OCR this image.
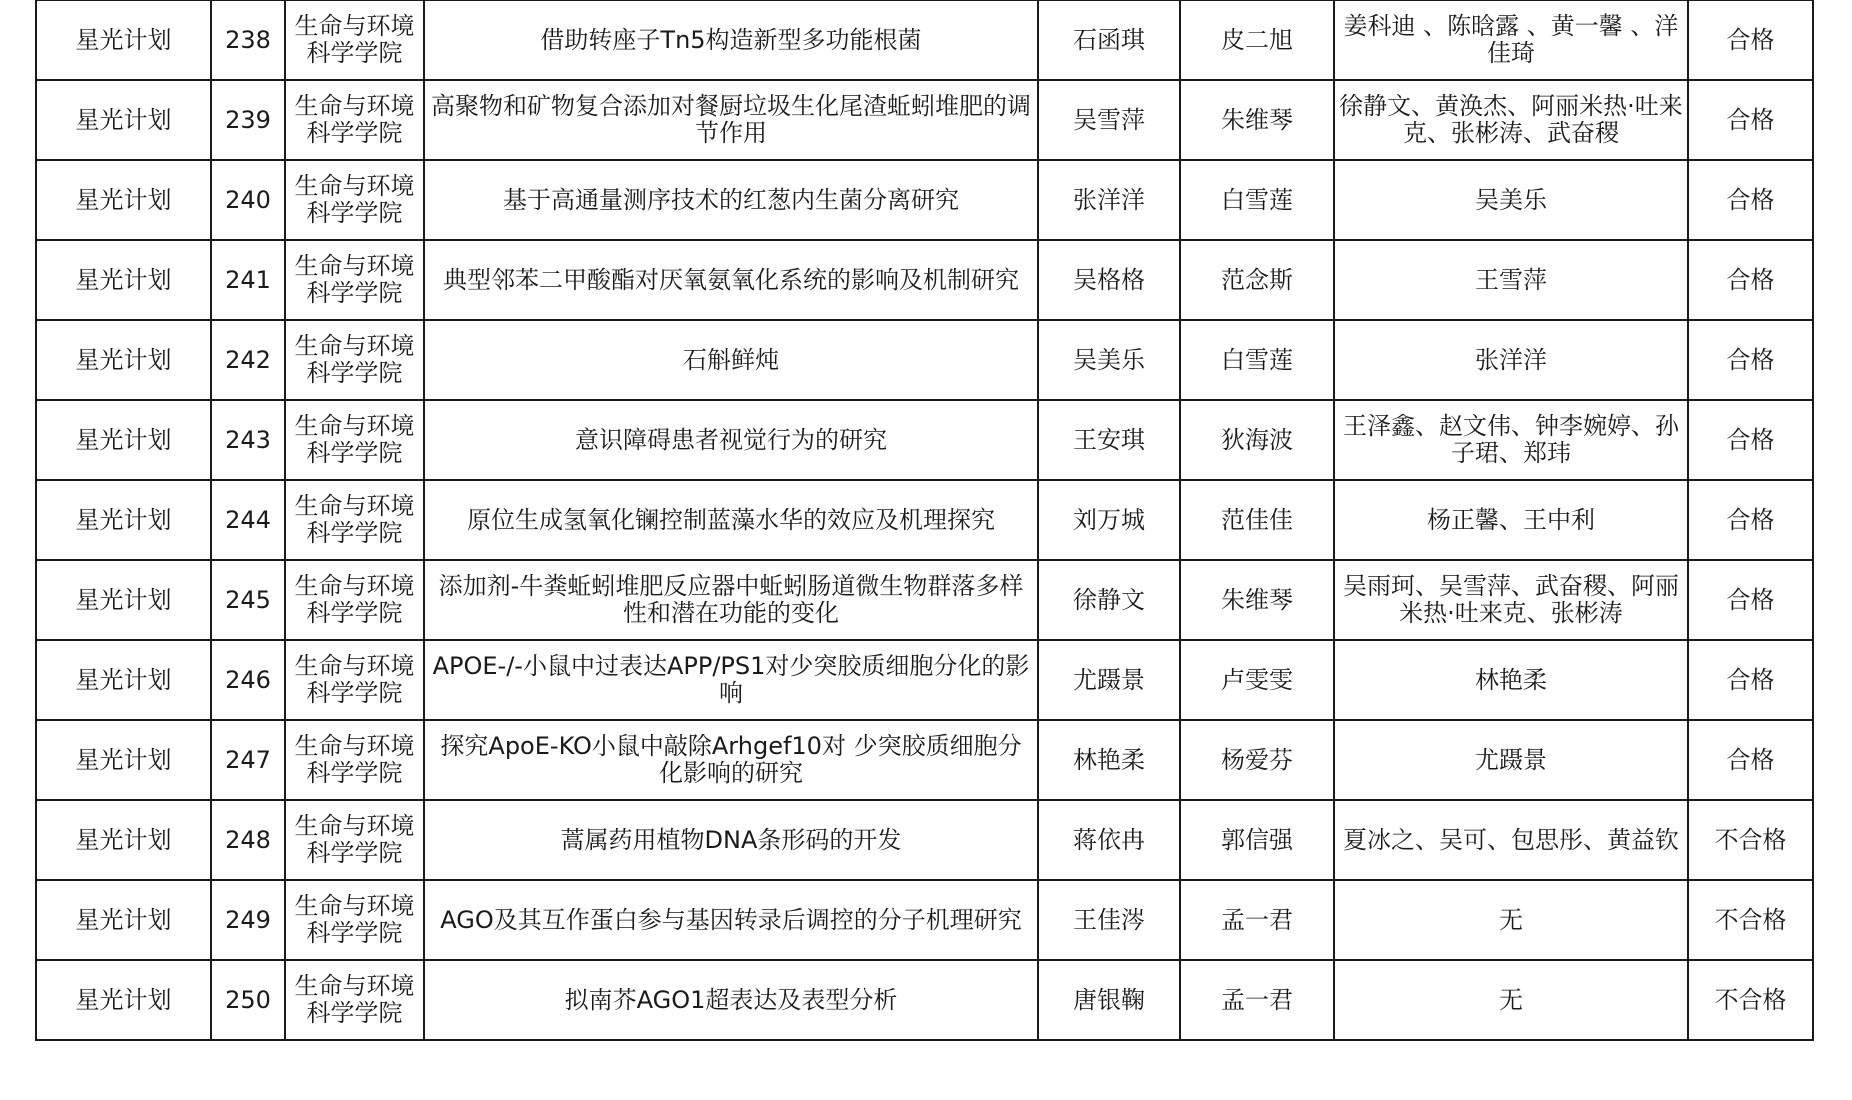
星光计划	238	生命与环境科学学院	借助转座子Tn5构造新型多功能根菌	石函琪	皮二旭	姜科迪 、陈晗露 、黄一馨 、洋佳琦	合格
星光计划	239	生命与环境科学学院	高聚物和矿物复合添加对餐厨垃圾生化尾渣蚯蚓堆肥的调节作用	吴雪萍	朱维琴	徐静文、黄涣杰、阿丽米热·吐来克、张彬涛、武奋稷	合格
星光计划	240	生命与环境科学学院	基于高通量测序技术的红葱内生菌分离研究	张洋洋	白雪莲	吴美乐	合格
星光计划	241	生命与环境科学学院	典型邻苯二甲酸酯对厌氧氨氧化系统的影响及机制研究	吴格格	范念斯	王雪萍	合格
星光计划	242	生命与环境科学学院	石斛鲜炖	吴美乐	白雪莲	张洋洋	合格
星光计划	243	生命与环境科学学院	意识障碍患者视觉行为的研究	王安琪	狄海波	王泽鑫、赵文伟、钟李婉婷、孙子珺、郑玮	合格
星光计划	244	生命与环境科学学院	原位生成氢氧化镧控制蓝藻水华的效应及机理探究	刘万城	范佳佳	杨正馨、王中利	合格
星光计划	245	生命与环境科学学院	添加剂-牛粪蚯蚓堆肥反应器中蚯蚓肠道微生物群落多样性和潜在功能的变化	徐静文	朱维琴	吴雨珂、吴雪萍、武奋稷、阿丽米热·吐来克、张彬涛	合格
星光计划	246	生命与环境科学学院	APOE-/-小鼠中过表达APP/PS1对少突胶质细胞分化的影响	尤蹑景	卢雯雯	林艳柔	合格
星光计划	247	生命与环境科学学院	探究ApoE-KO小鼠中敲除Arhgef10对 少突胶质细胞分化影响的研究	林艳柔	杨爱芬	尤蹑景	合格
星光计划	248	生命与环境科学学院	蒿属药用植物DNA条形码的开发	蒋依冉	郭信强	夏冰之、吴可、包思彤、黄益钦	不合格
星光计划	249	生命与环境科学学院	AGO及其互作蛋白参与基因转录后调控的分子机理研究	王佳涔	孟一君	无	不合格
星光计划	250	生命与环境科学学院	拟南芥AGO1超表达及表型分析	唐银鞠	孟一君	无	不合格
